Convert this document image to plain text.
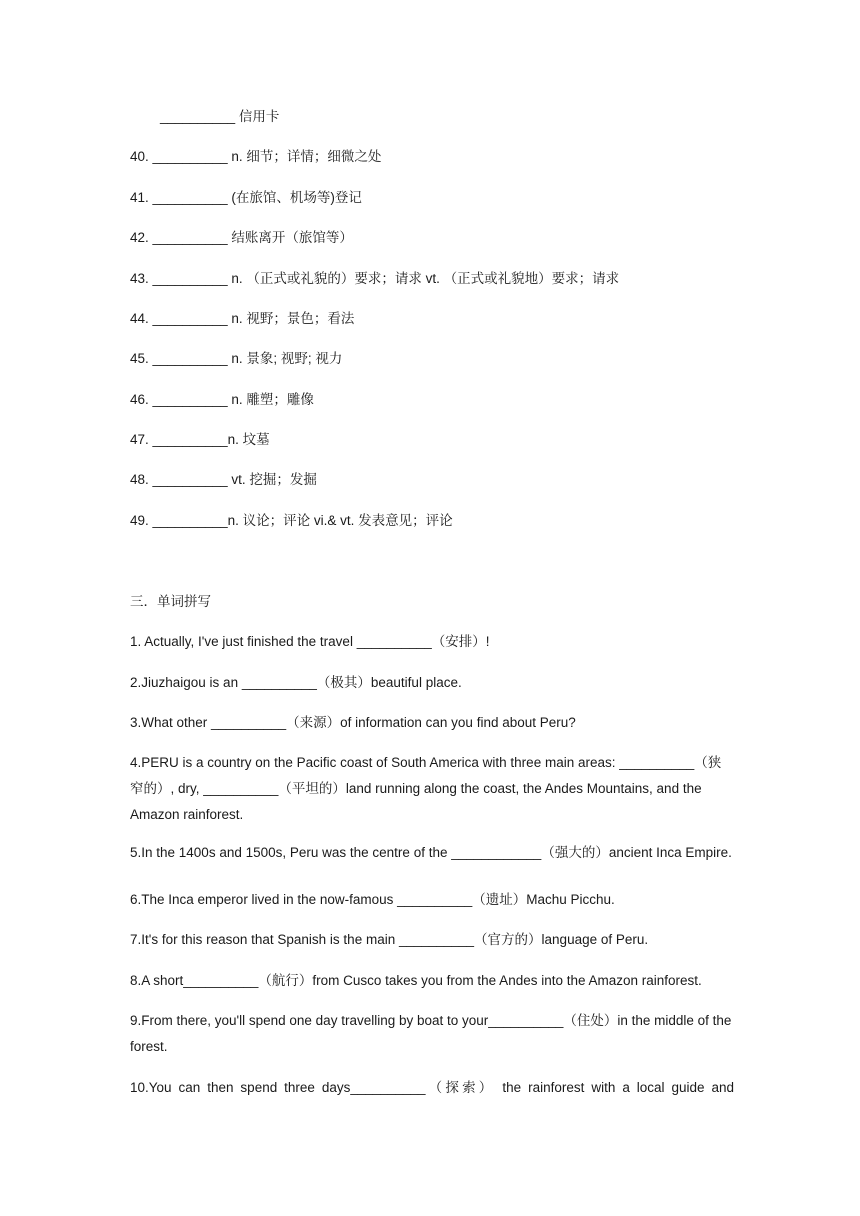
__________ 信用卡
40. __________ n. 细节；详情；细微之处
41. __________ (在旅馆、机场等)登记
42. __________ 结账离开（旅馆等）
43. __________ n. （正式或礼貌的）要求；请求 vt. （正式或礼貌地）要求；请求
44. __________ n. 视野；景色；看法
45. __________ n. 景象; 视野; 视力
46. __________ n. 雕塑；雕像
47. __________n. 坟墓
48. __________ vt. 挖掘；发掘
49. __________n. 议论；评论 vi.& vt. 发表意见；评论
三．单词拼写
1. Actually, I've just finished the travel __________（安排）!
2.Jiuzhaigou is an __________（极其）beautiful place.
3.What other __________（来源）of information can you find about Peru?
4.PERU is a country on the Pacific coast of South America with three main areas: __________（狭窄的）, dry, __________（平坦的）land running along the coast, the Andes Mountains, and the Amazon rainforest.
5.In the 1400s and 1500s, Peru was the centre of the ____________（强大的）ancient Inca Empire.
6.The Inca emperor lived in the now-famous __________（遗址）Machu Picchu.
7.It's for this reason that Spanish is the main __________（官方的）language of Peru.
8.A short__________（航行）from Cusco takes you from the Andes into the Amazon rainforest.
9.From there, you'll spend one day travelling by boat to your__________（住处）in the middle of the forest.
10.You can then spend three days__________（探索） the rainforest with a local guide and
